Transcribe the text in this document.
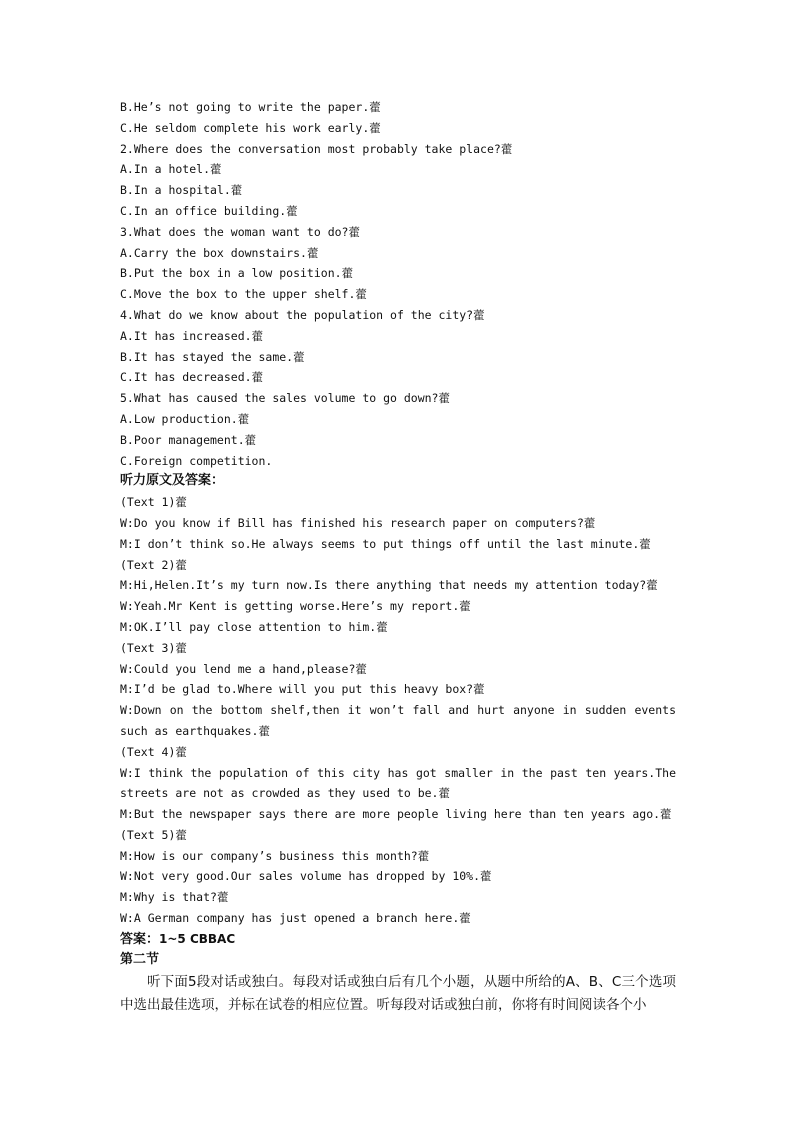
B.He’s not going to write the paper.藿
C.He seldom complete his work early.藿
2.Where does the conversation most probably take place?藿
A.In a hotel.藿
B.In a hospital.藿
C.In an office building.藿
3.What does the woman want to do?藿
A.Carry the box downstairs.藿
B.Put the box in a low position.藿
C.Move the box to the upper shelf.藿
4.What do we know about the population of the city?藿
A.It has increased.藿
B.It has stayed the same.藿
C.It has decreased.藿
5.What has caused the sales volume to go down?藿
A.Low production.藿
B.Poor management.藿
C.Foreign competition.
听力原文及答案：
(Text 1)藿
W:Do you know if Bill has finished his research paper on computers?藿
M:I don’t think so.He always seems to put things off until the last minute.藿
(Text 2)藿
M:Hi,Helen.It’s my turn now.Is there anything that needs my attention today?藿
W:Yeah.Mr Kent is getting worse.Here’s my report.藿
M:OK.I’ll pay close attention to him.藿
(Text 3)藿
W:Could you lend me a hand,please?藿
M:I’d be glad to.Where will you put this heavy box?藿
W:Down on the bottom shelf,then it won’t fall and hurt anyone in sudden events such as earthquakes.藿
(Text 4)藿
W:I think the population of this city has got smaller in the past ten years.The streets are not as crowded as they used to be.藿
M:But the newspaper says there are more people living here than ten years ago.藿
(Text 5)藿
M:How is our company’s business this month?藿
W:Not very good.Our sales volume has dropped by 10%.藿
M:Why is that?藿
W:A German company has just opened a branch here.藿
答案：1~5 CBBAC
第二节
听下面5段对话或独白。每段对话或独白后有几个小题，从题中所给的A、B、C三个选项中选出最佳选项，并标在试卷的相应位置。听每段对话或独白前，你将有时间阅读各个小
